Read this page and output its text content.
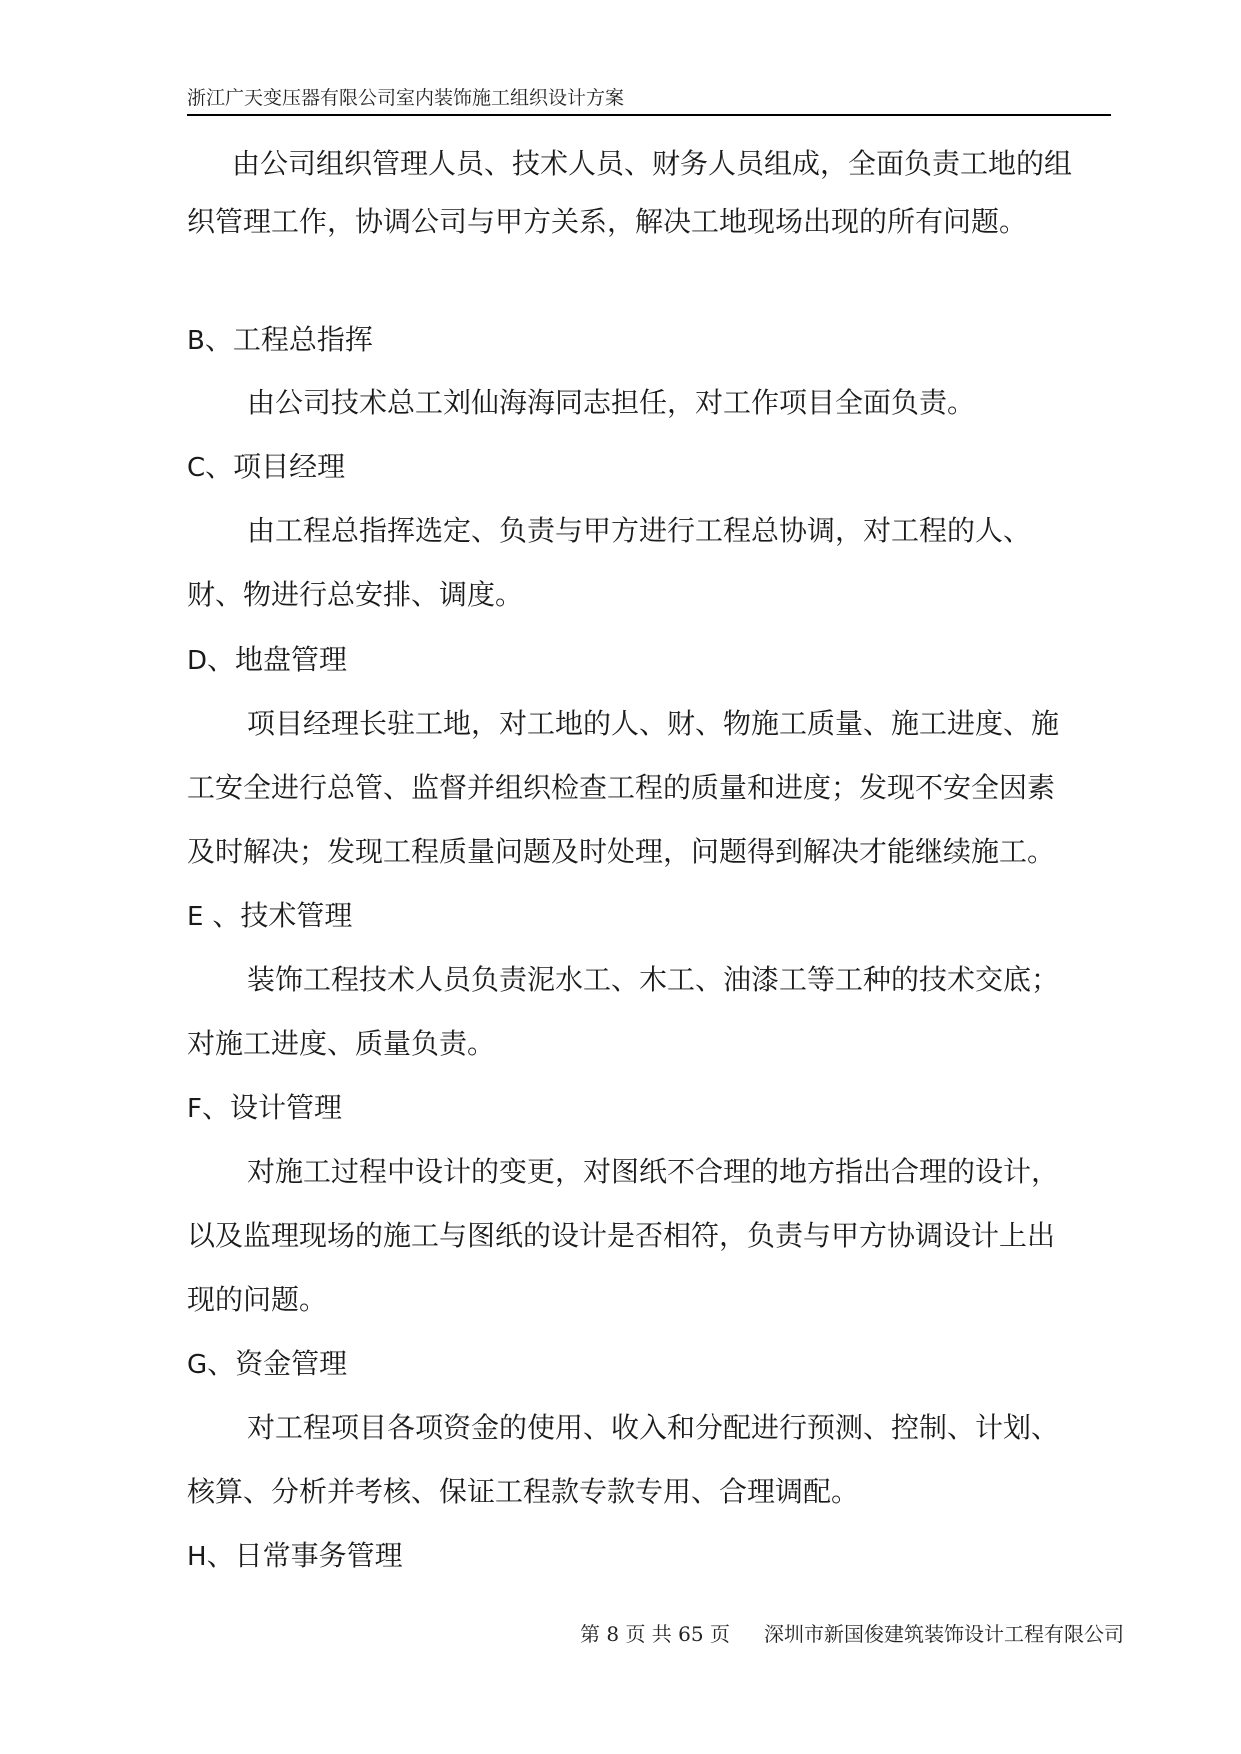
浙江广天变压器有限公司室内装饰施工组织设计方案
由公司组织管理人员、技术人员、财务人员组成，全面负责工地的组
织管理工作，协调公司与甲方关系，解决工地现场出现的所有问题。
B、工程总指挥
由公司技术总工刘仙海海同志担任，对工作项目全面负责。
C、项目经理
由工程总指挥选定、负责与甲方进行工程总协调，对工程的人、
财、物进行总安排、调度。
D、地盘管理
项目经理长驻工地，对工地的人、财、物施工质量、施工进度、施
工安全进行总管、监督并组织检查工程的质量和进度；发现不安全因素
及时解决；发现工程质量问题及时处理，问题得到解决才能继续施工。
E 、技术管理
装饰工程技术人员负责泥水工、木工、油漆工等工种的技术交底；
对施工进度、质量负责。
F、设计管理
对施工过程中设计的变更，对图纸不合理的地方指出合理的设计，
以及监理现场的施工与图纸的设计是否相符，负责与甲方协调设计上出
现的问题。
G、资金管理
对工程项目各项资金的使用、收入和分配进行预测、控制、计划、
核算、分析并考核、保证工程款专款专用、合理调配。
H、日常事务管理
第 8 页 共 65 页 深圳市新国俊建筑装饰设计工程有限公司
